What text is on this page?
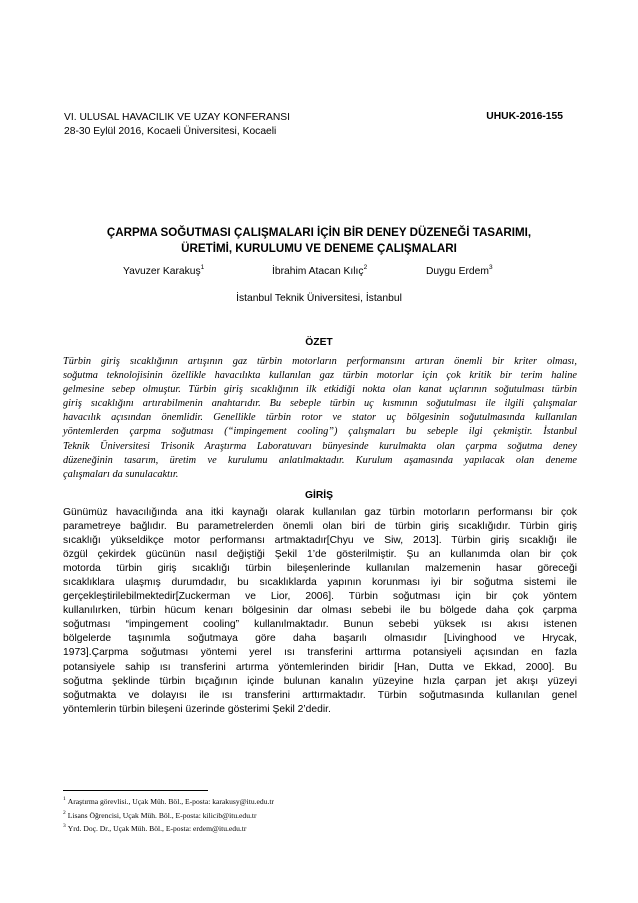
VI. ULUSAL HAVACILIK VE UZAY KONFERANSI
28-30 Eylül 2016, Kocaeli Üniversitesi, Kocaeli
UHUK-2016-155
ÇARPMA SOĞUTMASI ÇALIŞMALARI İÇİN BİR DENEY DÜZENEĞİ TASARIMI,
ÜRETİMİ, KURULUMU VE DENEME ÇALIŞMALARI
Yavuzer Karakuş$^1$	İbrahim Atacan Kılıç$^2$	Duygu Erdem$^3$
İstanbul Teknik Üniversitesi, İstanbul
ÖZET
Türbin giriş sıcaklığının artışının gaz türbin motorların performansını artıran önemli bir kriter olması,
soğutma teknolojisinin özellikle havacılıkta kullanılan gaz türbin motorlar için çok kritik bir terim haline
gelmesine sebep olmuştur. Türbin giriş sıcaklığının ilk etkidiği nokta olan kanat uçlarının soğutulması türbin
giriş sıcaklığını artırabilmenin anahtarıdır. Bu sebeple türbin uç kısmının soğutulması ile ilgili çalışmalar
havacılık açısından önemlidir. Genellikle türbin rotor ve stator uç bölgesinin soğutulmasında kullanılan
yöntemlerden çarpma soğutması (“impingement cooling”) çalışmaları bu sebeple ilgi çekmiştir. İstanbul
Teknik Üniversitesi Trisonik Araştırma Laboratuvarı bünyesinde kurulmakta olan çarpma soğutma deney
düzeneğinin tasarım, üretim ve kurulumu anlatılmaktadır. Kurulum aşamasında yapılacak olan deneme
çalışmaları da sunulacaktır.
GİRİŞ
Günümüz havacılığında ana itki kaynağı olarak kullanılan gaz türbin motorların performansı bir çok
parametreye bağlıdır. Bu parametrelerden önemli olan biri de türbin giriş sıcaklığıdır. Türbin giriş
sıcaklığı yükseldikçe motor performansı artmaktadır[Chyu ve Siw, 2013]. Türbin giriş sıcaklığı ile
özgül çekirdek gücünün nasıl değiştiği Şekil 1’de gösterilmiştir. Şu an kullanımda olan bir çok
motorda türbin giriş sıcaklığı türbin bileşenlerinde kullanılan malzemenin hasar göreceği
sıcaklıklara ulaşmış durumdadır, bu sıcaklıklarda yapının korunması iyi bir soğutma sistemi ile
gerçekleştirilebilmektedir[Zuckerman ve Lior, 2006]. Türbin soğutması için bir çok yöntem
kullanılırken, türbin hücum kenarı bölgesinin dar olması sebebi ile bu bölgede daha çok çarpma
soğutması “impingement cooling” kullanılmaktadır. Bunun sebebi yüksek ısı akısı istenen
bölgelerde taşınımla soğutmaya göre daha başarılı olmasıdır [Livinghood ve Hrycak,
1973].Çarpma soğutması yöntemi yerel ısı transferini arttırma potansiyeli açısından en fazla
potansiyele sahip ısı transferini artırma yöntemlerinden biridir [Han, Dutta ve Ekkad, 2000]. Bu
soğutma şeklinde türbin bıçağının içinde bulunan kanalın yüzeyine hızla çarpan jet akışı yüzeyi
soğutmakta ve dolayısı ile ısı transferini arttırmaktadır. Türbin soğutmasında kullanılan genel
yöntemlerin türbin bileşeni üzerinde gösterimi Şekil 2’dedir.
$^1$ Araştırma görevlisi., Uçak Müh. Böl., E-posta: karakusy@itu.edu.tr
$^2$ Lisans Öğrencisi, Uçak Müh. Böl., E-posta: kilicib@itu.edu.tr
$^3$ Yrd. Doç. Dr., Uçak Müh. Böl., E-posta: erdem@itu.edu.tr
